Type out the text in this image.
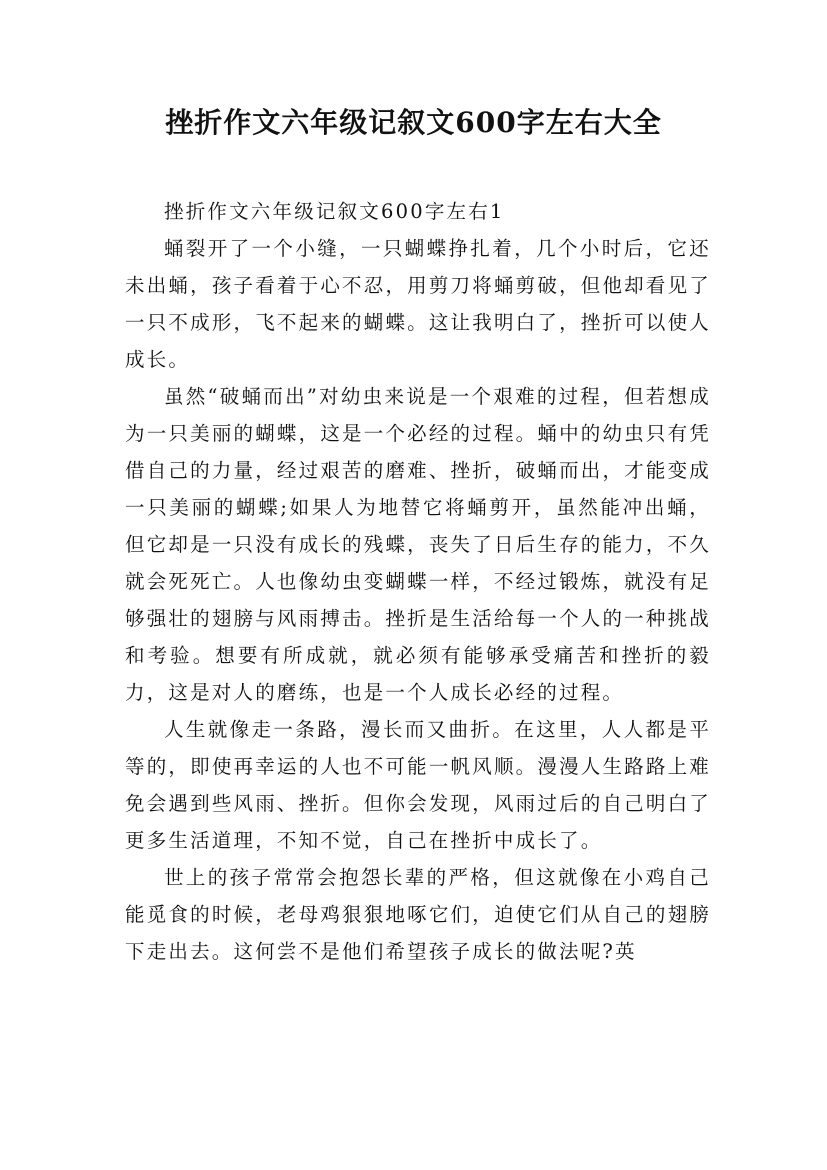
挫折作文六年级记叙文600字左右大全

挫折作文六年级记叙文600字左右1

蛹裂开了一个小缝，一只蝴蝶挣扎着，几个小时后，它还未出蛹，孩子看着于心不忍，用剪刀将蛹剪破，但他却看见了一只不成形，飞不起来的蝴蝶。这让我明白了，挫折可以使人成长。

虽然“破蛹而出”对幼虫来说是一个艰难的过程，但若想成为一只美丽的蝴蝶，这是一个必经的过程。蛹中的幼虫只有凭借自己的力量，经过艰苦的磨难、挫折，破蛹而出，才能变成一只美丽的蝴蝶;如果人为地替它将蛹剪开，虽然能冲出蛹，但它却是一只没有成长的残蝶，丧失了日后生存的能力，不久就会死死亡。人也像幼虫变蝴蝶一样，不经过锻炼，就没有足够强壮的翅膀与风雨搏击。挫折是生活给每一个人的一种挑战和考验。想要有所成就，就必须有能够承受痛苦和挫折的毅力，这是对人的磨练，也是一个人成长必经的过程。

人生就像走一条路，漫长而又曲折。在这里，人人都是平等的，即使再幸运的人也不可能一帆风顺。漫漫人生路路上难免会遇到些风雨、挫折。但你会发现，风雨过后的自己明白了更多生活道理，不知不觉，自己在挫折中成长了。

世上的孩子常常会抱怨长辈的严格，但这就像在小鸡自己能觅食的时候，老母鸡狠狠地啄它们，迫使它们从自己的翅膀下走出去。这何尝不是他们希望孩子成长的做法呢?英
